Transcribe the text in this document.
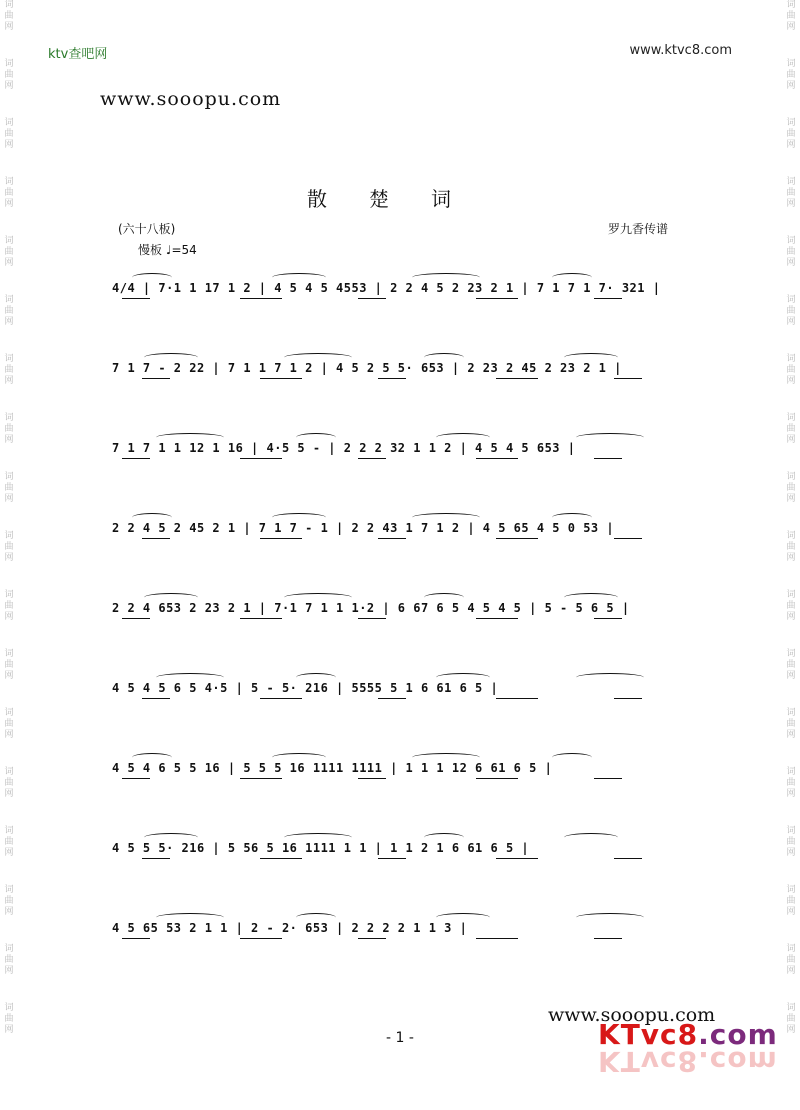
词
曲
网
词
曲
网
词
曲
网
词
曲
网
词
曲
网
词
曲
网
词
曲
网
词
曲
网
词
曲
网
词
曲
网
词
曲
网
词
曲
网
词
曲
网
词
曲
网
词
曲
网
词
曲
网
词
曲
网
词
曲
网
词
曲
网
词
曲
网
词
曲
网
词
曲
网
词
曲
网
词
曲
网
词
曲
网
词
曲
网
词
曲
网
词
曲
网
词
曲
网
词
曲
网
词
曲
网
词
曲
网
词
曲
网
词
曲
网
词
曲
网
词
曲
网
ktv查吧网	www.ktvc8.com
www.sooopu.com
散楚词
(六十八板)	罗九香传谱
慢板 ♩=54
4/4 | 7·1 1 17 1 2 | 4 5 4 5 4553 | 2 2 4 5 2 23 2 1 | 7 1 7 1 7· 321 |
7 1 7 - 2 22 | 7 1 1 7 1 2 | 4 5 2 5 5· 653 | 2 23 2 45 2 23 2 1 |
7 1 7 1 1 12 1 16 | 4·5 5 - | 2 2 2 32 1 1 2 | 4 5 4 5 653 |
2 2 4 5 2 45 2 1 | 7 1 7 - 1 | 2 2 43 1 7 1 2 | 4 5 65 4 5 0 53 |
2 2 4 653 2 23 2 1 | 7·1 7 1 1 1·2 | 6 67 6 5 4 5 4 5 | 5 - 5 6 5 |
4 5 4 5 6 5 4·5 | 5 - 5· 216 | 5555 5 1 6 61 6 5 |
4 5 4 6 5 5 16 | 5 5 5 16 1111 1111 | 1 1 1 12 6 61 6 5 |
4 5 5 5· 216 | 5 56 5 16 1111 1 1 | 1 1 2 1 6 61 6 5 |
4 5 65 53 2 1 1 | 2 - 2· 653 | 2 2 2 2 1 1 3 |
www.sooopu.com
KTvc8.com
KTvc8.com
- 1 -
